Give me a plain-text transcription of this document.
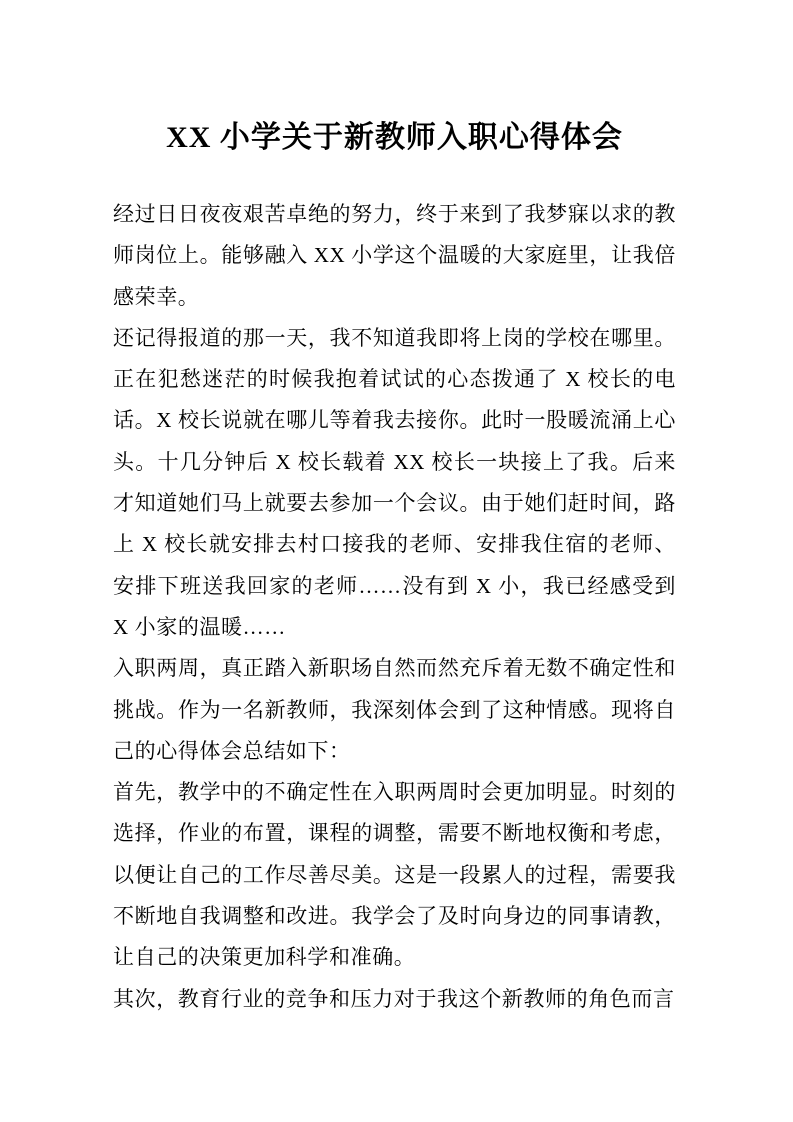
XX 小学关于新教师入职心得体会

经过日日夜夜艰苦卓绝的努力，终于来到了我梦寐以求的教师岗位上。能够融入 XX 小学这个温暖的大家庭里，让我倍感荣幸。

还记得报道的那一天，我不知道我即将上岗的学校在哪里。正在犯愁迷茫的时候我抱着试试的心态拨通了 X 校长的电话。X 校长说就在哪儿等着我去接你。此时一股暖流涌上心头。十几分钟后 X 校长载着 XX 校长一块接上了我。后来才知道她们马上就要去参加一个会议。由于她们赶时间，路上 X 校长就安排去村口接我的老师、安排我住宿的老师、安排下班送我回家的老师……没有到 X 小，我已经感受到 X 小家的温暖……

入职两周，真正踏入新职场自然而然充斥着无数不确定性和挑战。作为一名新教师，我深刻体会到了这种情感。现将自己的心得体会总结如下：

首先，教学中的不确定性在入职两周时会更加明显。时刻的选择，作业的布置，课程的调整，需要不断地权衡和考虑，以便让自己的工作尽善尽美。这是一段累人的过程，需要我不断地自我调整和改进。我学会了及时向身边的同事请教，让自己的决策更加科学和准确。

其次，教育行业的竞争和压力对于我这个新教师的角色而言
